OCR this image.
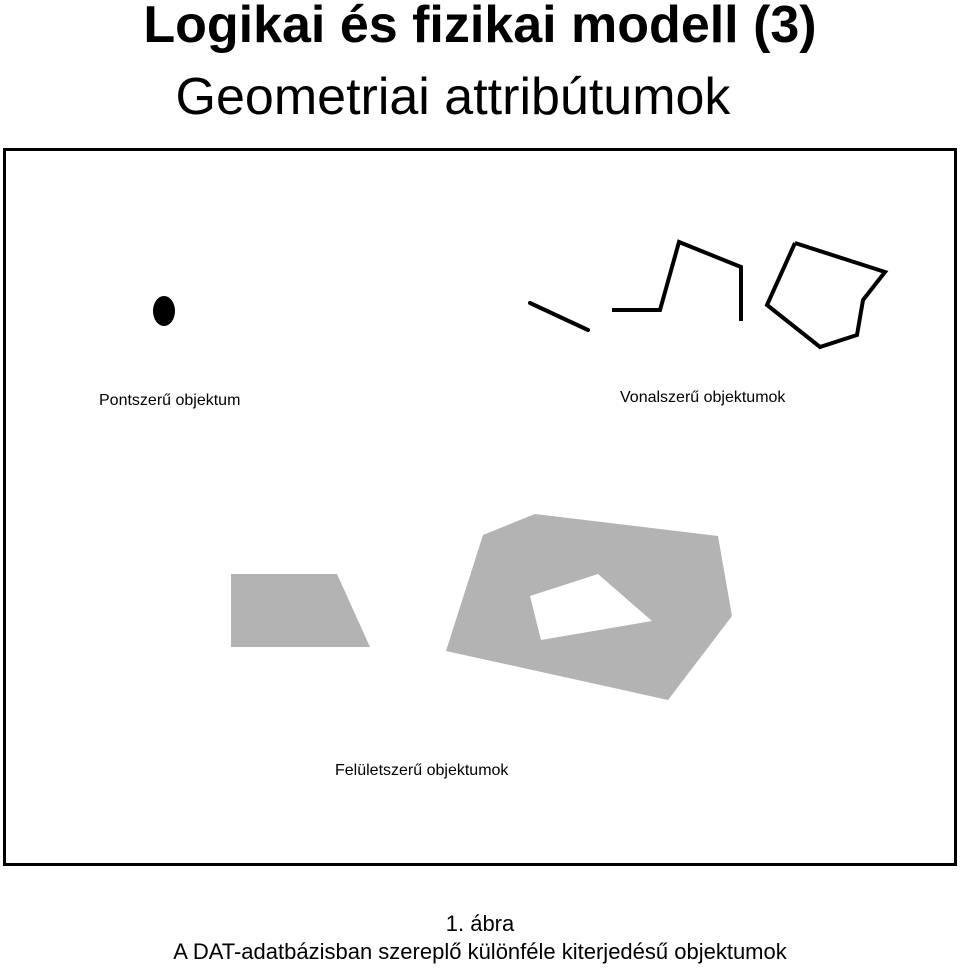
Logikai és fizikai modell (3)
Geometriai attribútumok
Pontszerű objektum	Vonalszerű objektumok
Felületszerű objektumok
1. ábra
A DAT-adatbázisban szereplő különféle kiterjedésű objektumok
